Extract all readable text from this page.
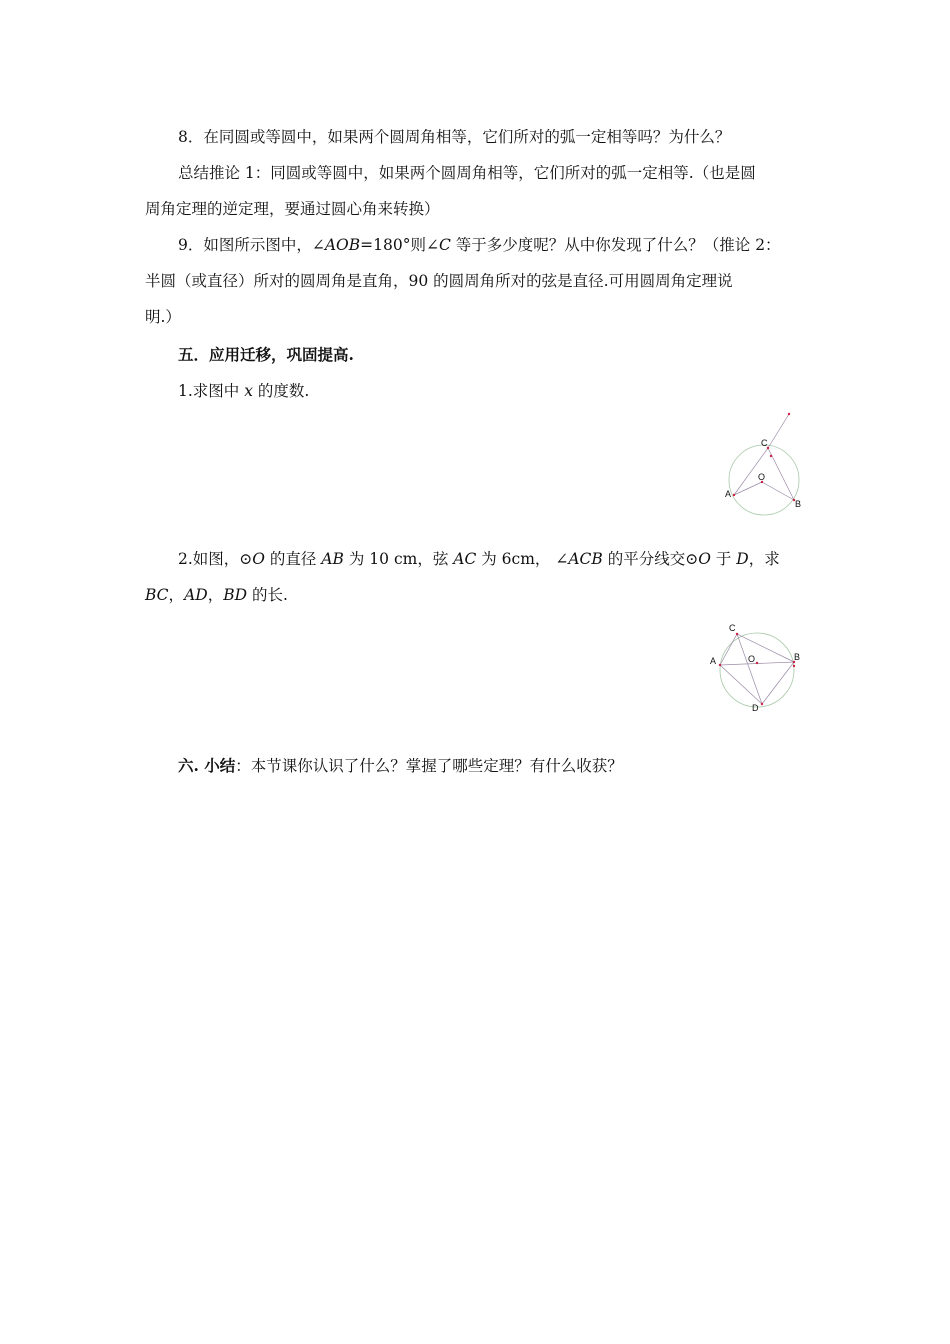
8．在同圆或等圆中，如果两个圆周角相等，它们所对的弧一定相等吗？为什么？
总结推论 1：同圆或等圆中，如果两个圆周角相等，它们所对的弧一定相等.（也是圆
周角定理的逆定理，要通过圆心角来转换）
9．如图所示图中，∠AOB=180°则∠C 等于多少度呢？从中你发现了什么？（推论 2：
半圆（或直径）所对的圆周角是直角，90 的圆周角所对的弦是直径.可用圆周角定理说
明.）
五．应用迁移，巩固提高.
1.求图中 x 的度数.
C
O
A
B
2.如图，⊙O 的直径 AB 为 10 cm，弦 AC 为 6cm， ∠ACB 的平分线交⊙O 于 D，求
BC，AD，BD 的长.
C
A	O	B
D
六. 小结：本节课你认识了什么？掌握了哪些定理？有什么收获？
